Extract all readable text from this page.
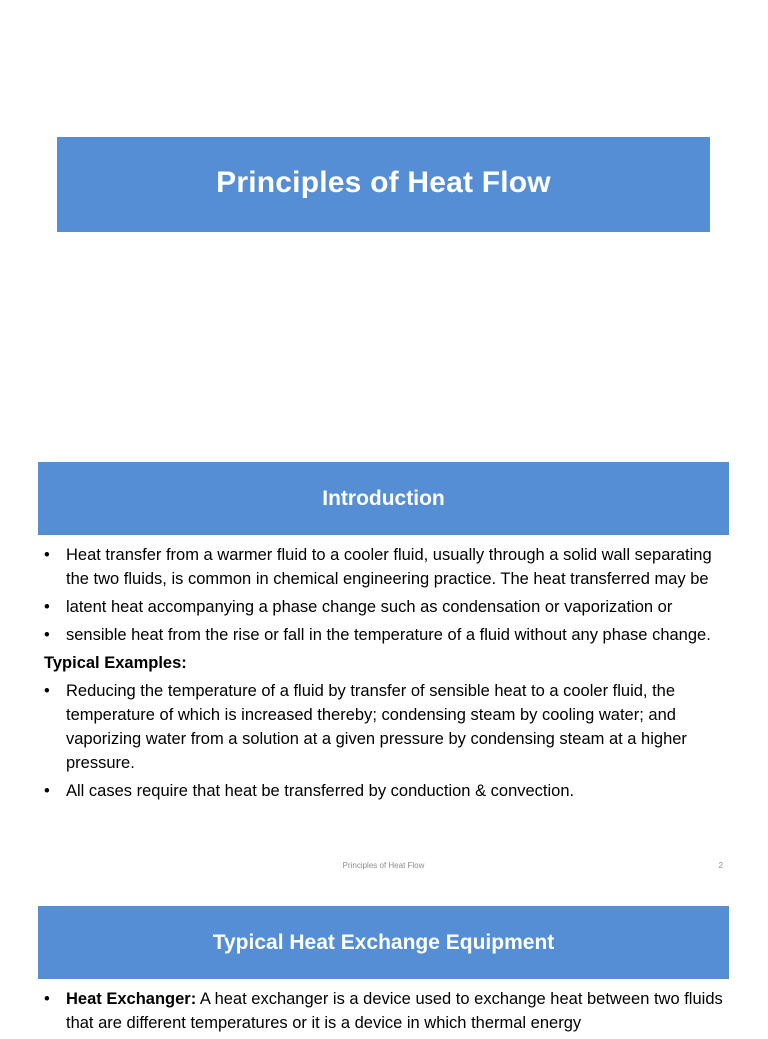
Principles of Heat Flow
Introduction
• Heat transfer from a warmer fluid to a cooler fluid, usually through a solid wall separating the two fluids, is common in chemical engineering practice. The heat transferred may be
• latent heat accompanying a phase change such as condensation or vaporization or
• sensible heat from the rise or fall in the temperature of a fluid without any phase change.
Typical Examples:
• Reducing the temperature of a fluid by transfer of sensible heat to a cooler fluid, the temperature of which is increased thereby; condensing steam by cooling water; and vaporizing water from a solution at a given pressure by condensing steam at a higher pressure.
• All cases require that heat be transferred by conduction & convection.
Principles of Heat Flow	2
Typical Heat Exchange Equipment
• Heat Exchanger: A heat exchanger is a device used to exchange heat between two fluids that are different temperatures or it is a device in which thermal energy
